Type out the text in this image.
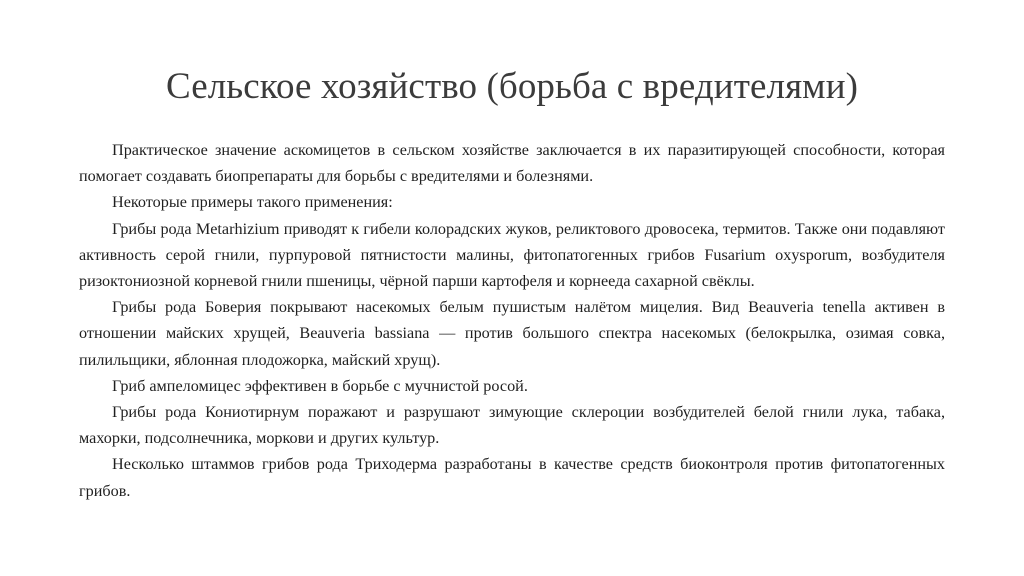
Сельское хозяйство (борьба с вредителями)

Практическое значение аскомицетов в сельском хозяйстве заключается в их паразитирующей способности, которая помогает создавать биопрепараты для борьбы с вредителями и болезнями.

Некоторые примеры такого применения:

Грибы рода Metarhizium приводят к гибели колорадских жуков, реликтового дровосека, термитов. Также они подавляют активность серой гнили, пурпуровой пятнистости малины, фитопатогенных грибов Fusarium oxysporum, возбудителя ризоктониозной корневой гнили пшеницы, чёрной парши картофеля и корнееда сахарной свёклы.

Грибы рода Боверия покрывают насекомых белым пушистым налётом мицелия. Вид Beauveria tenella активен в отношении майских хрущей, Beauveria bassiana — против большого спектра насекомых (белокрылка, озимая совка, пилильщики, яблонная плодожорка, майский хрущ).

Гриб ампеломицес эффективен в борьбе с мучнистой росой.

Грибы рода Кониотирнум поражают и разрушают зимующие склероции возбудителей белой гнили лука, табака, махорки, подсолнечника, моркови и других культур.

Несколько штаммов грибов рода Триходерма разработаны в качестве средств биоконтроля против фитопатогенных грибов.
